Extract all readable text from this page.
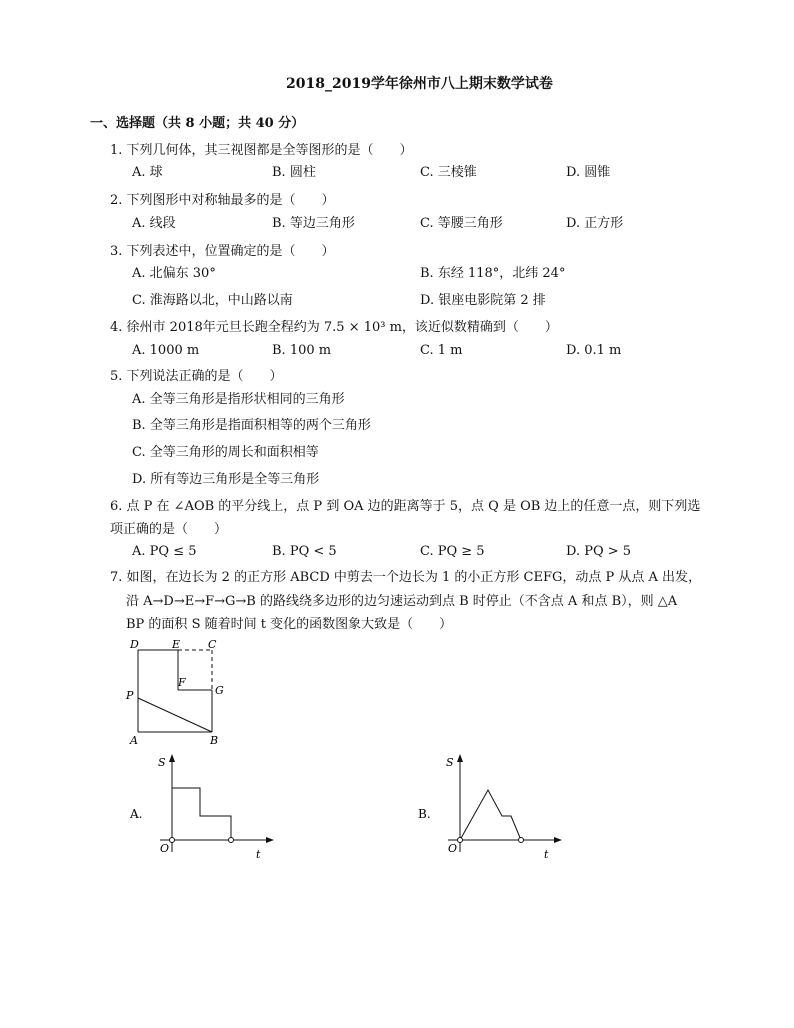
2018_2019学年徐州市八上期末数学试卷
一、选择题（共 8 小题；共 40 分）
1. 下列几何体，其三视图都是全等图形的是（　　）
A. 球	B. 圆柱	C. 三棱锥	D. 圆锥
2. 下列图形中对称轴最多的是（　　）
A. 线段	B. 等边三角形	C. 等腰三角形	D. 正方形
3. 下列表述中，位置确定的是（　　）
A. 北偏东 30°	B. 东经 118°，北纬 24°
C. 淮海路以北，中山路以南	D. 银座电影院第 2 排
4. 徐州市 2018年元旦长跑全程约为 7.5 × 10³ m，该近似数精确到（　　）
A. 1000 m	B. 100 m	C. 1 m	D. 0.1 m
5. 下列说法正确的是（　　）
A. 全等三角形是指形状相同的三角形
B. 全等三角形是指面积相等的两个三角形
C. 全等三角形的周长和面积相等
D. 所有等边三角形是全等三角形
6. 点 P 在 ∠AOB 的平分线上，点 P 到 OA 边的距离等于 5，点 Q 是 OB 边上的任意一点，则下列选
项正确的是（　　）
A. PQ ≤ 5	B. PQ < 5	C. PQ ≥ 5	D. PQ > 5
7. 如图，在边长为 2 的正方形 ABCD 中剪去一个边长为 1 的小正方形 CEFG，动点 P 从点 A 出发，
沿 A→D→E→F→G→B 的路线绕多边形的边匀速运动到点 B 时停止（不含点 A 和点 B），则 △A
BP 的面积 S 随着时间 t 变化的函数图象大致是（　　）
D	E	C
F
G
P
A	B
A.
S
O	t
B.
S
O	t
